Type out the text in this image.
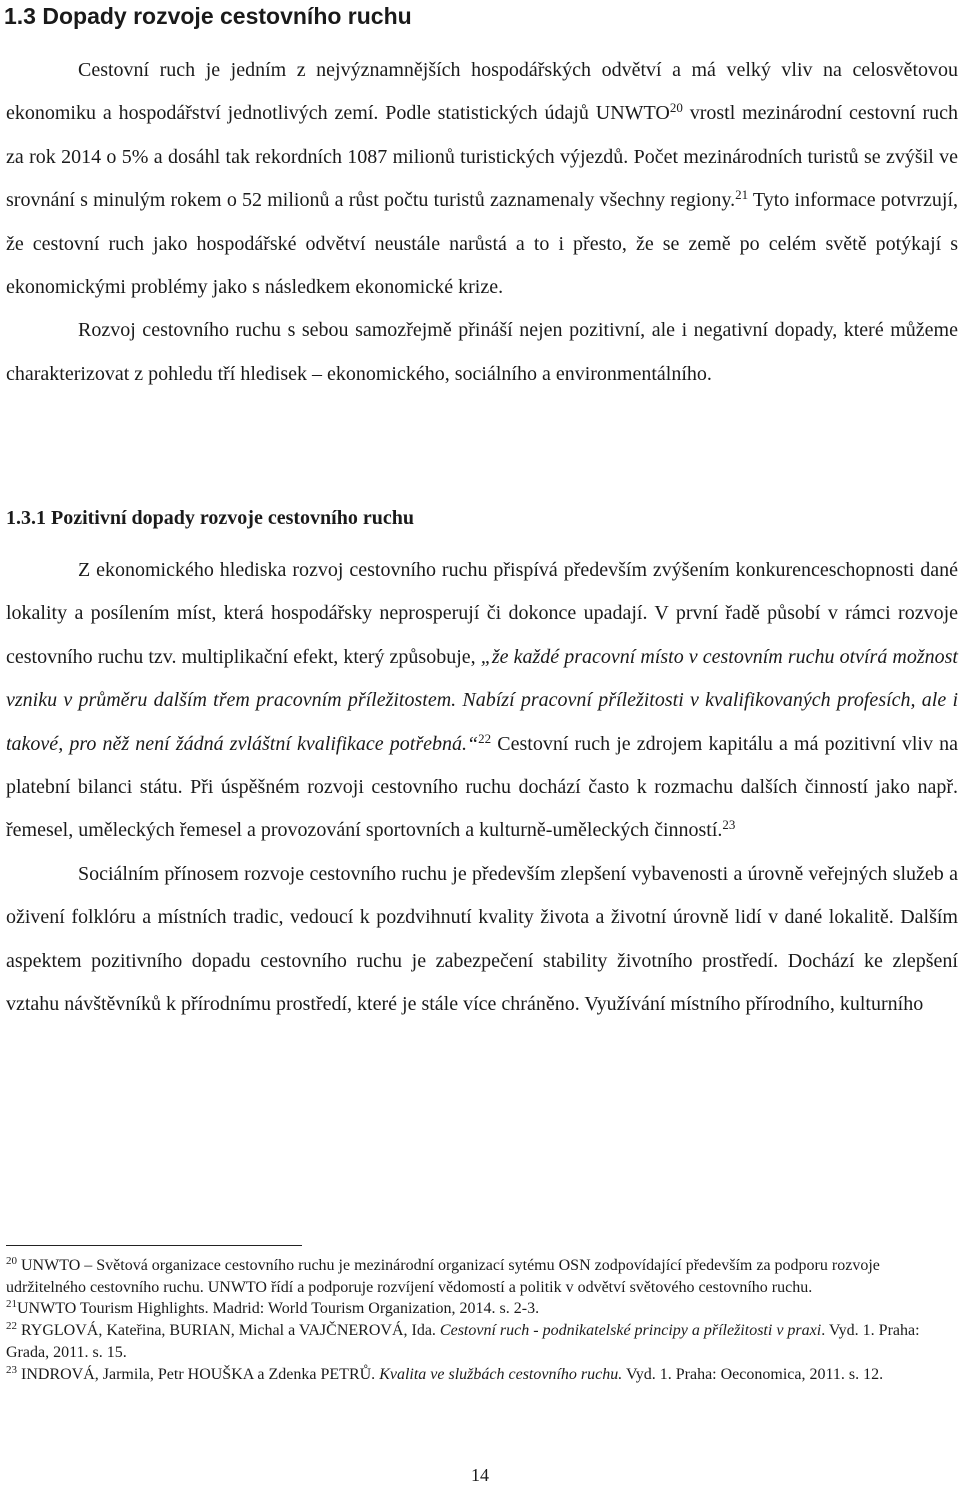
1.3 Dopady rozvoje cestovního ruchu

Cestovní ruch je jedním z nejvýznamnějších hospodářských odvětví a má velký vliv na celosvětovou ekonomiku a hospodářství jednotlivých zemí. Podle statistických údajů UNWTO$^{20}$ vrostl mezinárodní cestovní ruch za rok 2014 o 5% a dosáhl tak rekordních 1087 milionů turistických výjezdů. Počet mezinárodních turistů se zvýšil ve srovnání s minulým rokem o 52 milionů a růst počtu turistů zaznamenaly všechny regiony.$^{21}$ Tyto informace potvrzují, že cestovní ruch jako hospodářské odvětví neustále narůstá a to i přesto, že se země po celém světě potýkají s ekonomickými problémy jako s následkem ekonomické krize.

Rozvoj cestovního ruchu s sebou samozřejmě přináší nejen pozitivní, ale i negativní dopady, které můžeme charakterizovat z pohledu tří hledisek – ekonomického, sociálního a environmentálního.

1.3.1 Pozitivní dopady rozvoje cestovního ruchu

Z ekonomického hlediska rozvoj cestovního ruchu přispívá především zvýšením konkurenceschopnosti dané lokality a posílením míst, která hospodářsky neprosperují či dokonce upadají. V první řadě působí v rámci rozvoje cestovního ruchu tzv. multiplikační efekt, který způsobuje, „že každé pracovní místo v cestovním ruchu otvírá možnost vzniku v průměru dalším třem pracovním příležitostem. Nabízí pracovní příležitosti v kvalifikovaných profesích, ale i takové, pro něž není žádná zvláštní kvalifikace potřebná.“$^{22}$ Cestovní ruch je zdrojem kapitálu a má pozitivní vliv na platební bilanci státu. Při úspěšném rozvoji cestovního ruchu dochází často k rozmachu dalších činností jako např. řemesel, uměleckých řemesel a provozování sportovních a kulturně-uměleckých činností.$^{23}$

Sociálním přínosem rozvoje cestovního ruchu je především zlepšení vybavenosti a úrovně veřejných služeb a oživení folklóru a místních tradic, vedoucí k pozdvihnutí kvality života a životní úrovně lidí v dané lokalitě. Dalším aspektem pozitivního dopadu cestovního ruchu je zabezpečení stability životního prostředí. Dochází ke zlepšení vztahu návštěvníků k přírodnímu prostředí, které je stále více chráněno. Využívání místního přírodního, kulturního

$^{20}$ UNWTO – Světová organizace cestovního ruchu je mezinárodní organizací sytému OSN zodpovídající především za podporu rozvoje udržitelného cestovního ruchu. UNWTO řídí a podporuje rozvíjení vědomostí a politik v odvětví světového cestovního ruchu.

$^{21}$UNWTO Tourism Highlights. Madrid: World Tourism Organization, 2014. s. 2-3.

$^{22}$ RYGLOVÁ, Kateřina, BURIAN, Michal a VAJČNEROVÁ, Ida. Cestovní ruch - podnikatelské principy a příležitosti v praxi. Vyd. 1. Praha: Grada, 2011. s. 15.

$^{23}$ INDROVÁ, Jarmila, Petr HOUŠKA a Zdenka PETRŮ. Kvalita ve službách cestovního ruchu. Vyd. 1. Praha: Oeconomica, 2011. s. 12.

14
